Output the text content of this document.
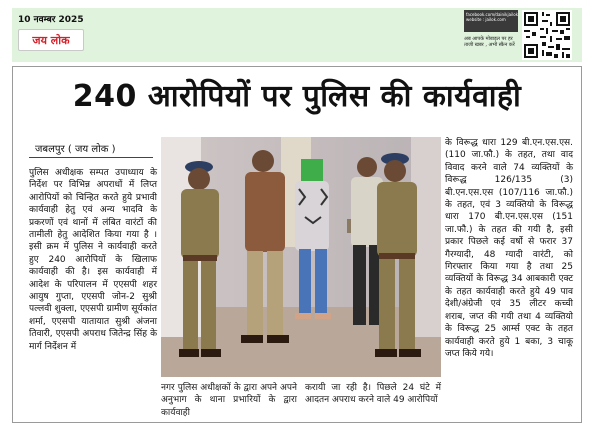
10 नवम्बर 2025
जय लोक
facebook.com/dainikjailok website : jailok.com
अब आपके मोबाइल पर हर ताजी खबर , अभी स्कैन करें
240 आरोपियों पर पुलिस की कार्यवाही
जबलपुर ( जय लोक )
पुलिस अधीक्षक सम्पत उपाध्याय के निर्देश पर विभिन्न अपराधों में लिप्त आरोपियों को चिन्हित करते हुये प्रभावी कार्यवाही हेतु एवं अन्य भादवि के प्रकरणों एवं थानों में लंबित वारंटों की तामीली हेतु आदेशित किया गया है । इसी क्रम में पुलिस ने कार्यवाही करते हुए 240 आरोपियों के खिलाफ कार्यवाही की है। इस कार्यवाही में आदेश के परिपालन में एएसपी शहर आयुष गुप्ता, एएसपी जोन-2 सुश्री पल्लवी शुक्ला, एएसपी ग्रामीण सूर्यकांत शर्मा, एएसपी यातायात सुश्री अंजना तिवारी, एएसपी अपराध जितेन्द्र सिंह के मार्ग निर्देशन में
के विरूद्ध धारा 129 बी.एन.एस.एस. (110 जा.फौ.) के तहत, तथा वाद विवाद करने वाले 74 व्यक्तियों के विरूद्ध 126/135 (3) बी.एन.एस.एस (107/116 जा.फौ.) के तहत, एवं 3 व्यक्तियो के विरूद्ध धारा 170 बी.एन.एस.एस (151 जा.फौ.) के तहत की गयी है, इसी प्रकार पिछले कई वर्षो से फरार 37 गैरग्यादी, 48 ग्यादी वारंटी, को गिरफ्तार किया गया है तथा 25 व्यक्तियों के विरूद्ध 34 आबकारी एक्ट के तहत कार्यवाही करते हुये 49 पाव देशी/अंग्रेजी एवं 35 लीटर कच्ची शराब, जप्त की गयी तथा 4 व्यक्तियो के विरूद्ध 25 आर्म्स एक्ट के तहत कार्यवाही करते हुये 1 बका, 3 चाकू जप्त किये गये।
नगर पुलिस अधीक्षकों के द्वारा अपने अपने अनुभाग के थाना प्रभारियों के द्वारा कार्यवाही
करायी जा रही है। पिछले 24 घंटे में आदतन अपराध करने वाले 49 आरोपियों
